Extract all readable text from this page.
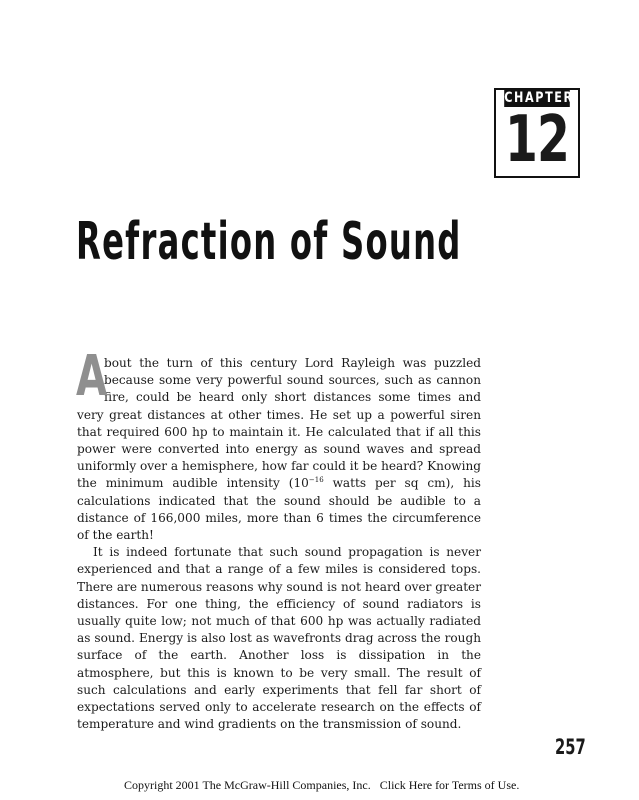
CHAPTER
12
Refraction of Sound

A
bout the turn of this century Lord Rayleigh was puzzled because some very powerful sound sources, such as cannon fire, could be heard only short distances some times and very great distances at other times. He set up a powerful siren that required 600 hp to maintain it. He calculated that if all this power were converted into energy as sound waves and spread uniformly over a hemisphere, how far could it be heard? Knowing the minimum audible intensity ($10^{-16}$ watts per sq cm), his calculations indicated that the sound should be audible to a distance of 166,000 miles, more than 6 times the circumference of the earth!

It is indeed fortunate that such sound propagation is never experienced and that a range of a few miles is considered tops. There are numerous reasons why sound is not heard over greater distances. For one thing, the efficiency of sound radiators is usually quite low; not much of that 600 hp was actually radiated as sound. Energy is also lost as wavefronts drag across the rough surface of the earth. Another loss is dissipation in the atmosphere, but this is known to be very small. The result of such calculations and early experiments that fell far short of expectations served only to accelerate research on the effects of temperature and wind gradients on the transmission of sound.

257
Copyright 2001 The McGraw-Hill Companies, Inc. Click Here for Terms of Use.
